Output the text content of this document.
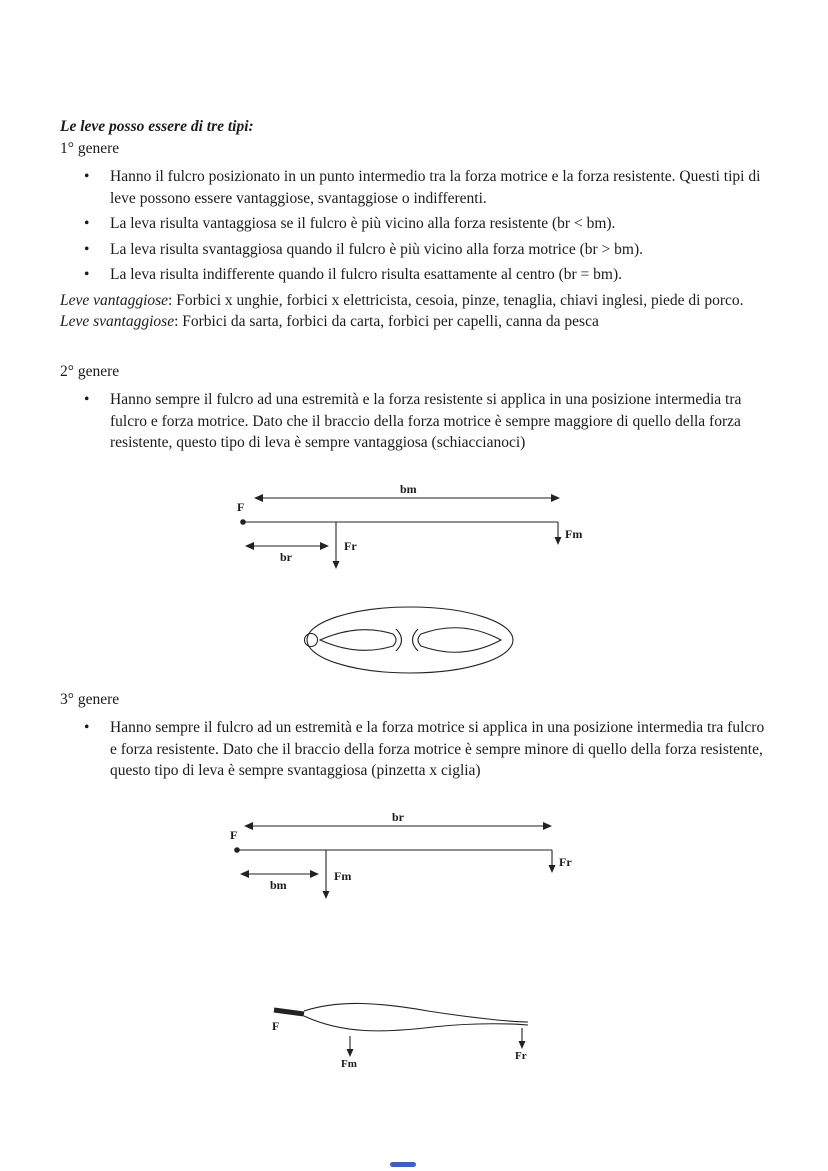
Le leve posso essere di tre tipi:

1° genere

• Hanno il fulcro posizionato in un punto intermedio tra la forza motrice e la forza resistente. Questi tipi di leve possono essere vantaggiose, svantaggiose o indifferenti.
• La leva risulta vantaggiosa se il fulcro è più vicino alla forza resistente (br < bm).
• La leva risulta svantaggiosa quando il fulcro è più vicino alla forza motrice (br > bm).
• La leva risulta indifferente quando il fulcro risulta esattamente al centro (br = bm).

Leve vantaggiose: Forbici x unghie, forbici x elettricista, cesoia, pinze, tenaglia, chiavi inglesi, piede di porco.

Leve svantaggiose: Forbici da sarta, forbici da carta, forbici per capelli, canna da pesca

2° genere

• Hanno sempre il fulcro ad una estremità e la forza resistente si applica in una posizione intermedia tra fulcro e forza motrice. Dato che il braccio della forza motrice è sempre maggiore di quello della forza resistente, questo tipo di leva è sempre vantaggiosa (schiaccianoci)
bm
F
Fm
br
Fr

3° genere

• Hanno sempre il fulcro ad un estremità e la forza motrice si applica in una posizione intermedia tra fulcro e forza resistente. Dato che il braccio della forza motrice è sempre minore di quello della forza resistente, questo tipo di leva è sempre svantaggiosa (pinzetta x ciglia)
br
F
Fr
bm
Fm
F
Fm
Fr
